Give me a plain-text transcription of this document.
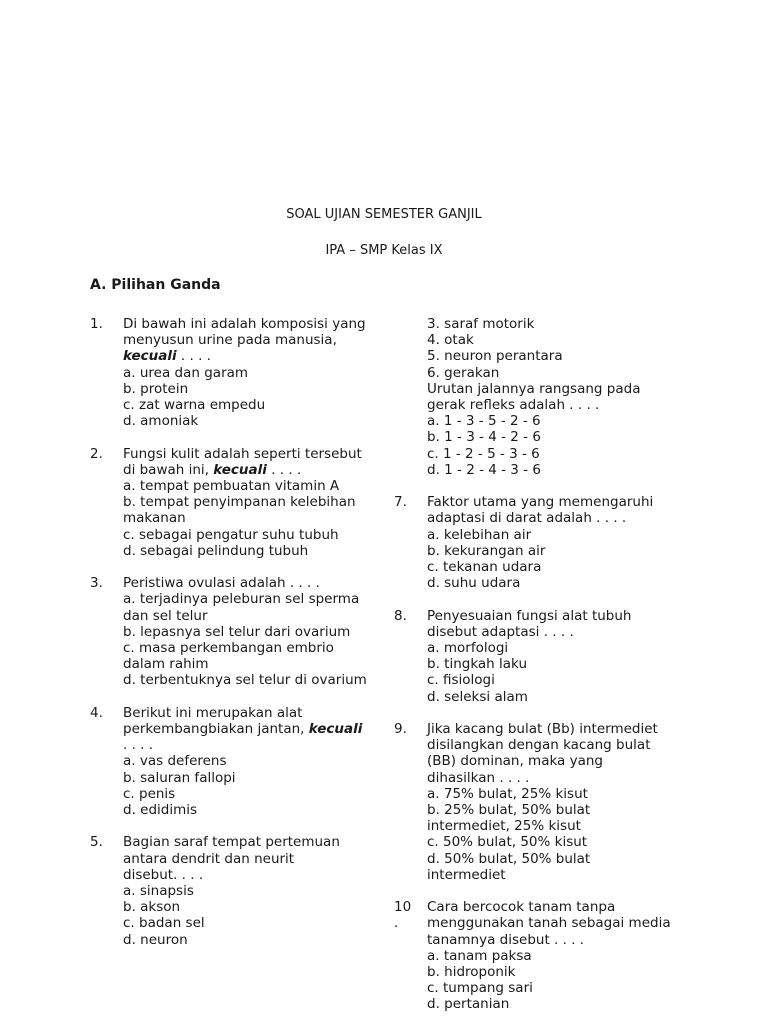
SOAL UJIAN SEMESTER GANJIL
IPA – SMP Kelas IX
A. Pilihan Ganda
1. Di bawah ini adalah komposisi yang
menyusun urine pada manusia,
kecuali . . . .
a. urea dan garam
b. protein
c. zat warna empedu
d. amoniak
2. Fungsi kulit adalah seperti tersebut
di bawah ini, kecuali . . . .
a. tempat pembuatan vitamin A
b. tempat penyimpanan kelebihan
makanan
c. sebagai pengatur suhu tubuh
d. sebagai pelindung tubuh
3. Peristiwa ovulasi adalah . . . .
a. terjadinya peleburan sel sperma
dan sel telur
b. lepasnya sel telur dari ovarium
c. masa perkembangan embrio
dalam rahim
d. terbentuknya sel telur di ovarium
4. Berikut ini merupakan alat
perkembangbiakan jantan, kecuali
. . . .
a. vas deferens
b. saluran fallopi
c. penis
d. edidimis
5. Bagian saraf tempat pertemuan
antara dendrit dan neurit
disebut. . . .
a. sinapsis
b. akson
c. badan sel
d. neuron
3. saraf motorik
4. otak
5. neuron perantara
6. gerakan
Urutan jalannya rangsang pada
gerak refleks adalah . . . .
a. 1 - 3 - 5 - 2 - 6
b. 1 - 3 - 4 - 2 - 6
c. 1 - 2 - 5 - 3 - 6
d. 1 - 2 - 4 - 3 - 6
7. Faktor utama yang memengaruhi
adaptasi di darat adalah . . . .
a. kelebihan air
b. kekurangan air
c. tekanan udara
d. suhu udara
8. Penyesuaian fungsi alat tubuh
disebut adaptasi . . . .
a. morfologi
b. tingkah laku
c. fisiologi
d. seleksi alam
9. Jika kacang bulat (Bb) intermediet
disilangkan dengan kacang bulat
(BB) dominan, maka yang
dihasilkan . . . .
a. 75% bulat, 25% kisut
b. 25% bulat, 50% bulat
intermediet, 25% kisut
c. 50% bulat, 50% kisut
d. 50% bulat, 50% bulat
intermediet
10
.
Cara bercocok tanam tanpa
menggunakan tanah sebagai media
tanamnya disebut . . . .
a. tanam paksa
b. hidroponik
c. tumpang sari
d. pertanian
